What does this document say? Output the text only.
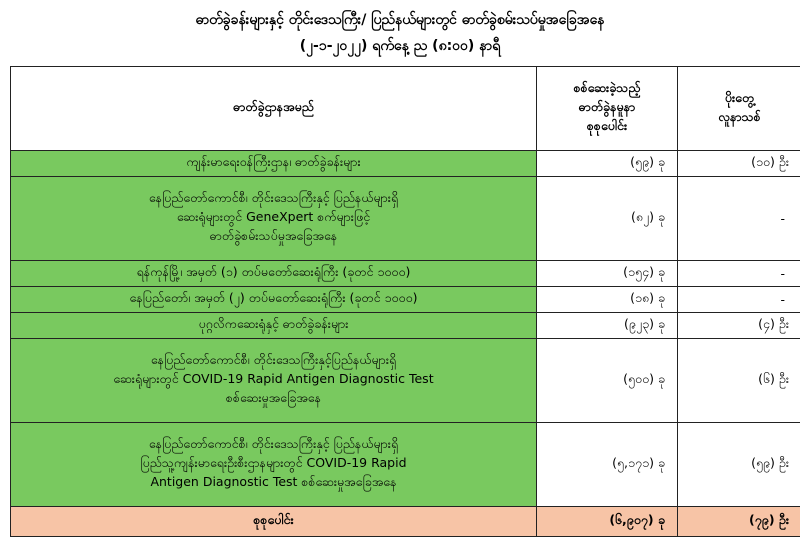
ဓာတ်ခွဲခန်းများနှင့် တိုင်းဒေသကြီး/ ပြည်နယ်များတွင် ဓာတ်ခွဲစမ်းသပ်မှုအခြေအနေ
(၂-၁-၂၀၂၂) ရက်နေ့ ည (၈:၀၀) နာရီ
ဓာတ်ခွဲဌာနအမည်	စစ်ဆေးခဲ့သည့်
ဓာတ်ခွဲနမူနာ
စုစုပေါင်း	ပိုးတွေ့
လူနာသစ်

ကျန်းမာရေးဝန်ကြီးဌာန၊ ဓာတ်ခွဲခန်းများ	(၅၉) ခု	(၁၀) ဦး

နေပြည်တော်ကောင်စီ၊ တိုင်းဒေသကြီးနှင့် ပြည်နယ်များရှိ
ဆေးရုံများတွင် GeneXpert စက်များဖြင့်
ဓာတ်ခွဲစမ်းသပ်မှုအခြေအနေ	(၈၂) ခု	-
ရန်ကုန်မြို့၊ အမှတ် (၁) တပ်မတော်ဆေးရုံကြီး (ခုတင် ၁၀၀၀)	(၁၅၄) ခု	-
နေပြည်တော်၊ အမှတ် (၂) တပ်မတော်ဆေးရုံကြီး (ခုတင် ၁၀၀၀)	(၁၈) ခု	-
ပုဂ္ဂလိကဆေးရုံနှင့် ဓာတ်ခွဲခန်းများ	(၉၂၃) ခု	(၄) ဦး

နေပြည်တော်ကောင်စီ၊ တိုင်းဒေသကြီးနှင့်ပြည်နယ်များရှိ
ဆေးရုံများတွင် COVID-19 Rapid Antigen Diagnostic Test
စစ်ဆေးမှုအခြေအနေ	(၅၀၀) ခု	(၆) ဦး

နေပြည်တော်ကောင်စီ၊ တိုင်းဒေသကြီးနှင့် ပြည်နယ်များရှိ
ပြည်သူ့ကျန်းမာရေးဦးစီးဌာနများတွင် COVID-19 Rapid
Antigen Diagnostic Test စစ်ဆေးမှုအခြေအနေ	(၅,၁၇၁) ခု	(၅၉) ဦး
စုစုပေါင်း	(၆,၉၀၇) ခု	(၇၉) ဦး
